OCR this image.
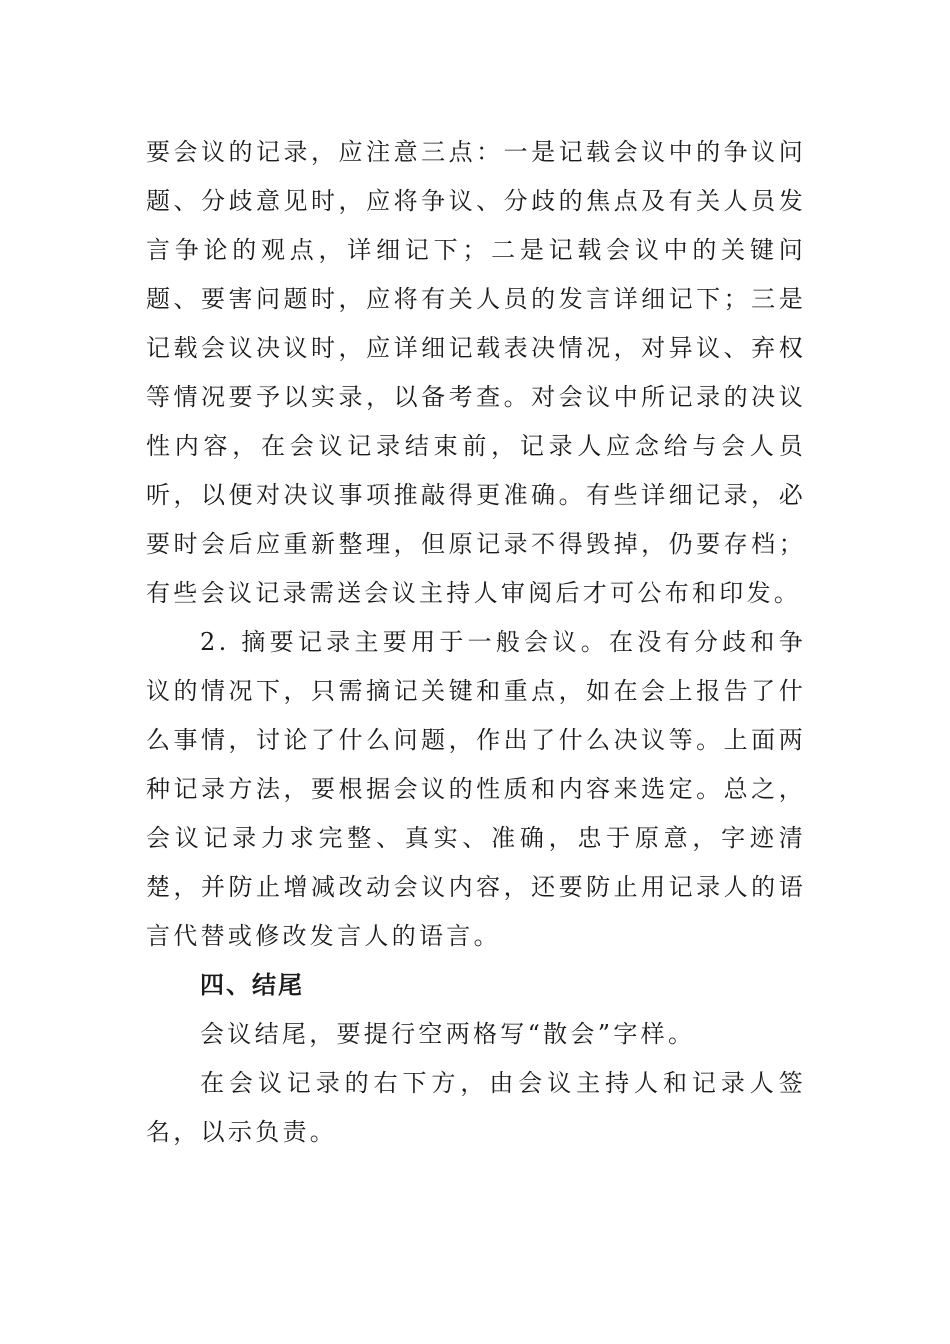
要会议的记录，应注意三点：一是记载会议中的争议问题、分歧意见时，应将争议、分歧的焦点及有关人员发言争论的观点，详细记下；二是记载会议中的关键问题、要害问题时，应将有关人员的发言详细记下；三是记载会议决议时，应详细记载表决情况，对异议、弃权等情况要予以实录，以备考查。对会议中所记录的决议性内容，在会议记录结束前，记录人应念给与会人员听，以便对决议事项推敲得更准确。有些详细记录，必要时会后应重新整理，但原记录不得毁掉，仍要存档；有些会议记录需送会议主持人审阅后才可公布和印发。

2. 摘要记录主要用于一般会议。在没有分歧和争议的情况下，只需摘记关键和重点，如在会上报告了什么事情，讨论了什么问题，作出了什么决议等。上面两种记录方法，要根据会议的性质和内容来选定。总之，会议记录力求完整、真实、准确，忠于原意，字迹清楚，并防止增减改动会议内容，还要防止用记录人的语言代替或修改发言人的语言。

四、结尾

会议结尾，要提行空两格写“散会”字样。

在会议记录的右下方，由会议主持人和记录人签名，以示负责。
